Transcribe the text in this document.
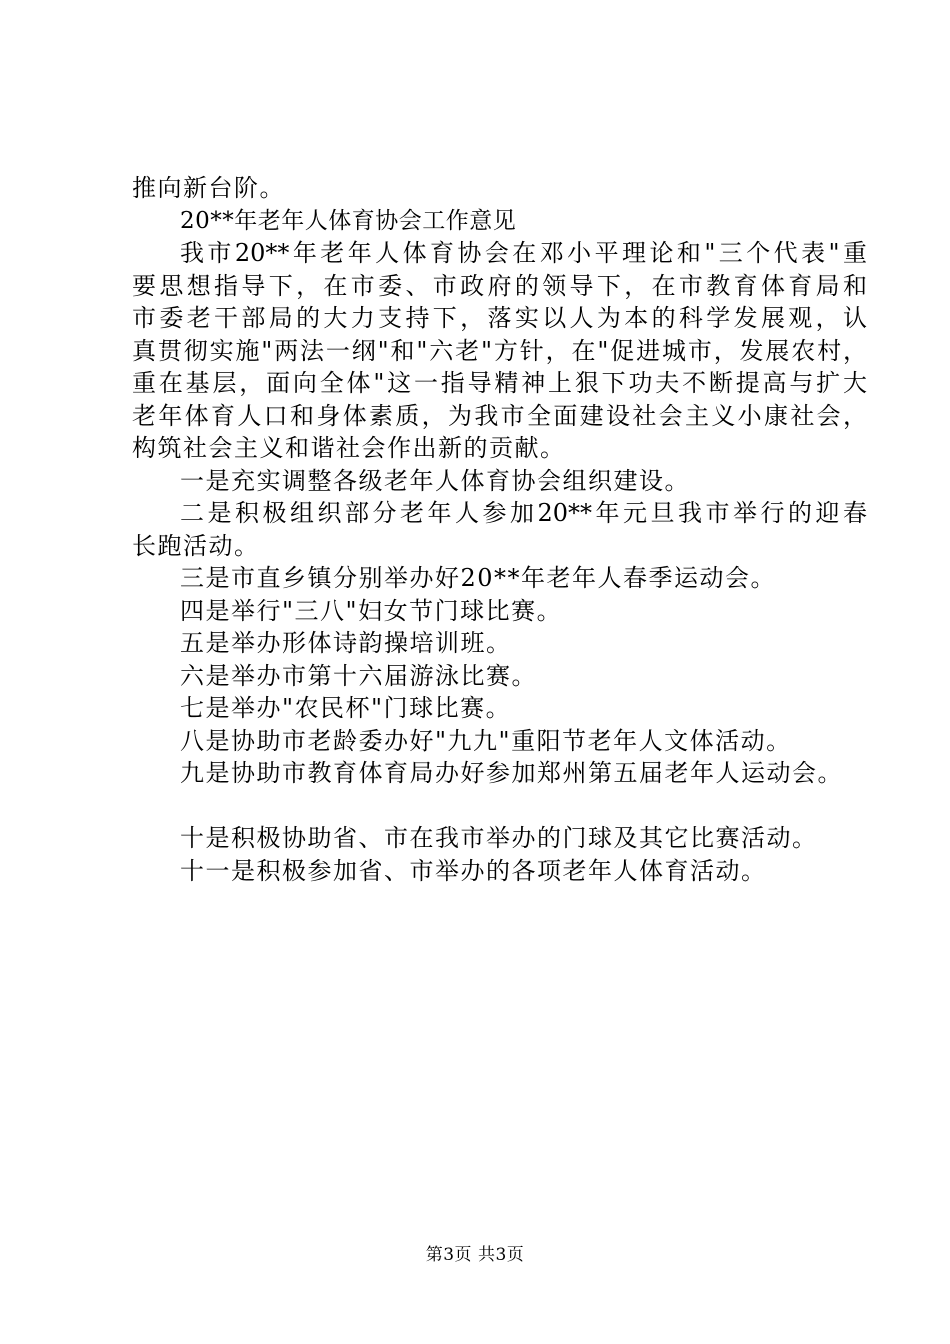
推向新台阶。
20**年老年人体育协会工作意见
我市20**年老年人体育协会在邓小平理论和"三个代表"重
要思想指导下，在市委、市政府的领导下，在市教育体育局和
市委老干部局的大力支持下，落实以人为本的科学发展观，认
真贯彻实施"两法一纲"和"六老"方针，在"促进城市，发展农村，
重在基层，面向全体"这一指导精神上狠下功夫不断提高与扩大
老年体育人口和身体素质，为我市全面建设社会主义小康社会，
构筑社会主义和谐社会作出新的贡献。
一是充实调整各级老年人体育协会组织建设。
二是积极组织部分老年人参加20**年元旦我市举行的迎春
长跑活动。
三是市直乡镇分别举办好20**年老年人春季运动会。
四是举行"三八"妇女节门球比赛。
五是举办形体诗韵操培训班。
六是举办市第十六届游泳比赛。
七是举办"农民杯"门球比赛。
八是协助市老龄委办好"九九"重阳节老年人文体活动。
九是协助市教育体育局办好参加郑州第五届老年人运动会。
十是积极协助省、市在我市举办的门球及其它比赛活动。
十一是积极参加省、市举办的各项老年人体育活动。
第3页 共3页
